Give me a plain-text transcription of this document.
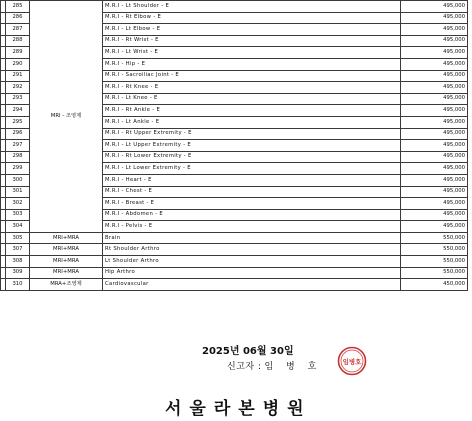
	285	MRI - 조영제	M.R.I - Lt Shoulder - E	495,000
	286		M.R.I - Rt Elbow - E	495,000
	287		M.R.I - Lt Elbow - E	495,000
	288		M.R.I - Rt Wrist - E	495,000
	289		M.R.I - Lt Wrist - E	495,000
	290		M.R.I - Hip - E	495,000
	291		M.R.I - Sacroiliac Joint - E	495,000
	292		M.R.I - Rt Knee - E	495,000
	293		M.R.I - Lt Knee - E	495,000
	294		M.R.I - Rt Ankle - E	495,000
	295		M.R.I - Lt Ankle - E	495,000
	296		M.R.I - Rt Upper Extremity - E	495,000
	297		M.R.I - Lt Upper Extremity - E	495,000
	298		M.R.I - Rt Lower Extremity - E	495,000
	299		M.R.I - Lt Lower Extremity - E	495,000
	300		M.R.I - Heart - E	495,000
	301		M.R.I - Chest - E	495,000
	302		M.R.I - Breast - E	495,000
	303		M.R.I - Abdomen - E	495,000
	304		M.R.I - Pelvis - E	495,000
	305	MRI+MRA	Brain	550,000
	307	MRI+MRA	Rt Shoulder Arthro	550,000
	308	MRI+MRA	Lt Shoulder Arthro	550,000
	309	MRI+MRA	Hip Arthro	550,000
	310	MRA+조영제	Cardiovascular	450,000
2025년 06월 30일
신고자 : 임 병 호	임병호
서울라본병원
